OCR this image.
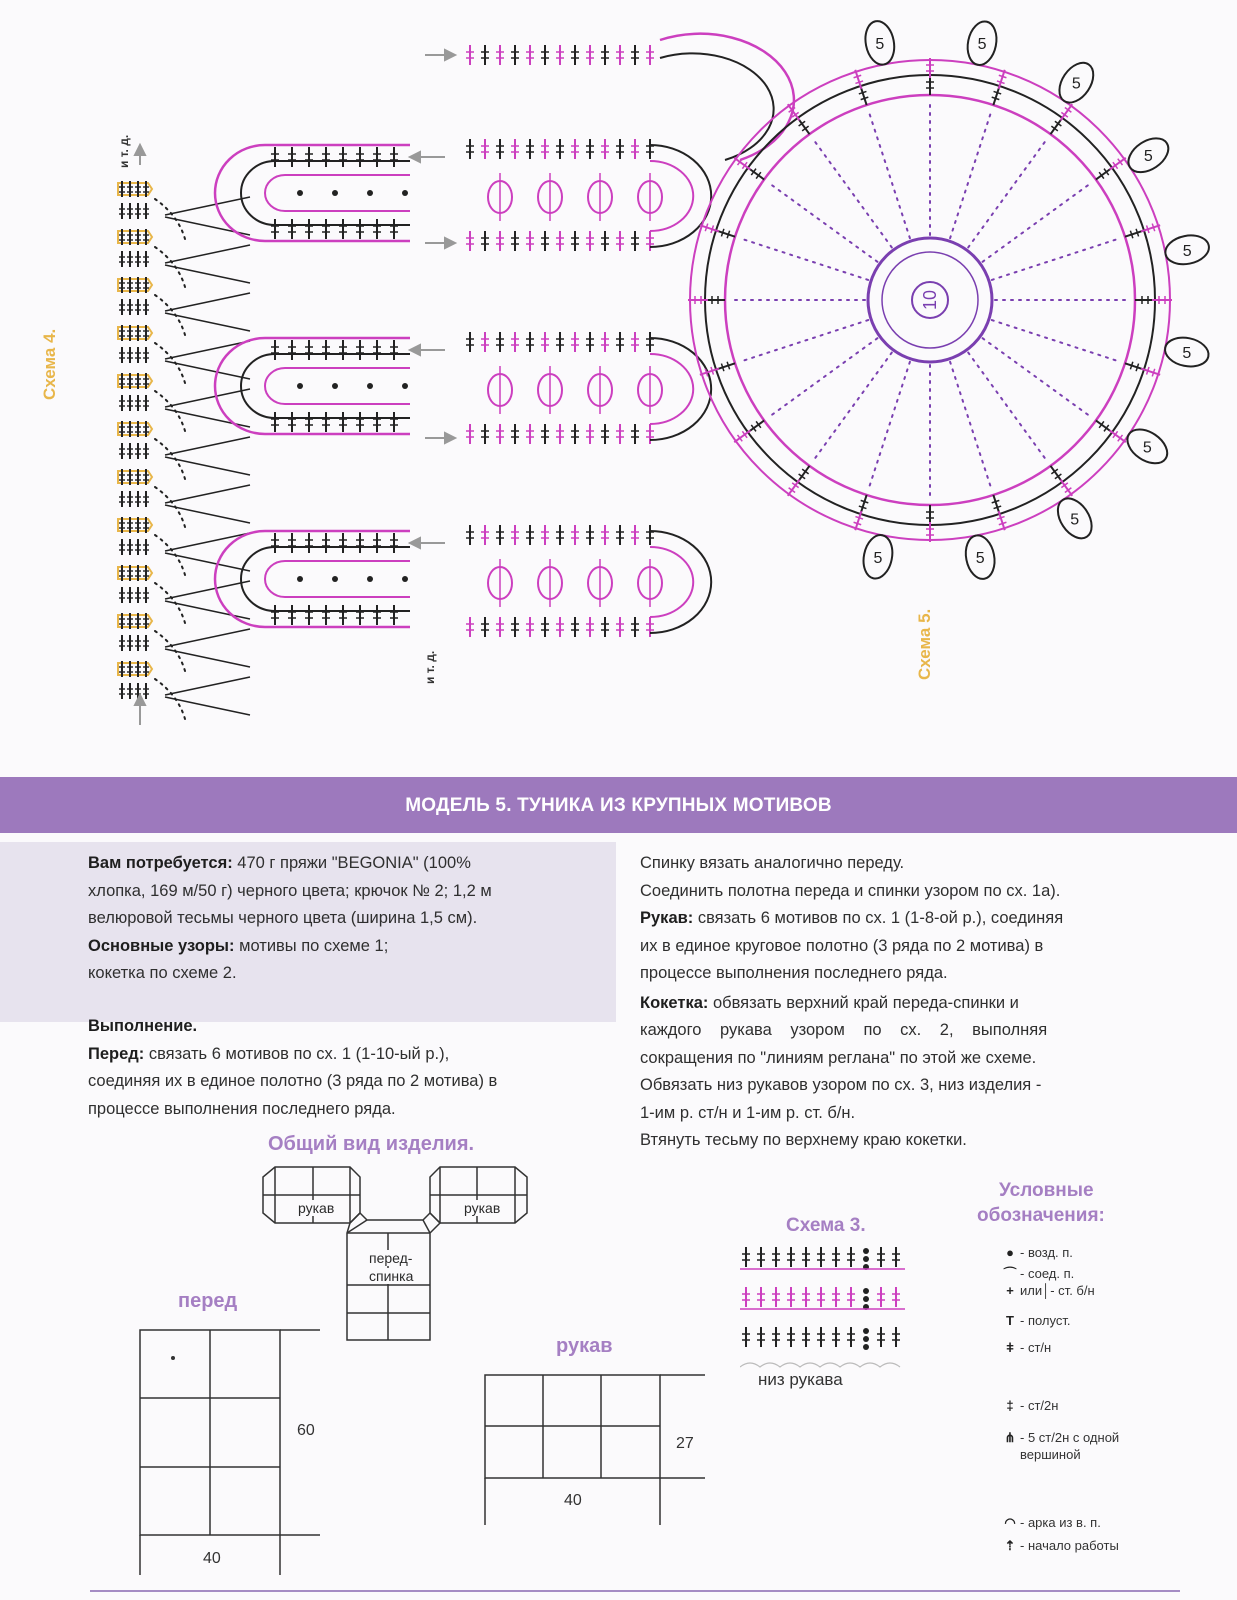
5
5
5
5
5
5
5
5
5
5
10
Схема 4.
Схема 5.
и т. д.
и т. д.
МОДЕЛЬ 5. ТУНИКА ИЗ КРУПНЫХ МОТИВОВ
Вам потребуется: 470 г пряжи "BEGONIA" (100%
хлопка, 169 м/50 г) черного цвета; крючок № 2; 1,2 м
велюровой тесьмы черного цвета (ширина 1,5 см).
Основные узоры: мотивы по схеме 1;
кокетка по схеме 2.
Выполнение.
Перед: связать 6 мотивов по сх. 1 (1-10-ый р.),
соединяя их в единое полотно (3 ряда по 2 мотива) в
процессе выполнения последнего ряда.
Спинку вязать аналогично переду.
Соединить полотна переда и спинки узором по сх. 1а).
Рукав: связать 6 мотивов по сх. 1 (1-8-ой р.), соединяя
их в единое круговое полотно (3 ряда по 2 мотива) в
процессе выполнения последнего ряда.
Кокетка: обвязать верхний край переда-спинки и
каждого рукава узором по сх. 2, выполняя
сокращения по "линиям реглана" по этой же схеме.
Обвязать низ рукавов узором по сх. 3, низ изделия -
1-им р. ст/н и 1-им р. ст. б/н.
Втянуть тесьму по верхнему краю кокетки.
Общий вид изделия.
рукав	рукав
перед-
спинка
перед
60
40
рукав
27
40
Схема 3.
низ рукава
Условные
обозначения:
● - возд. п.
⌒ - соед. п.
+ или│- ст. б/н
T - полуст.
ǂ - ст/н
‡ - ст/2н
⋔ - 5 ст/2н с одной
вершиной
◠ - арка из в. п.
⇡ - начало работы
